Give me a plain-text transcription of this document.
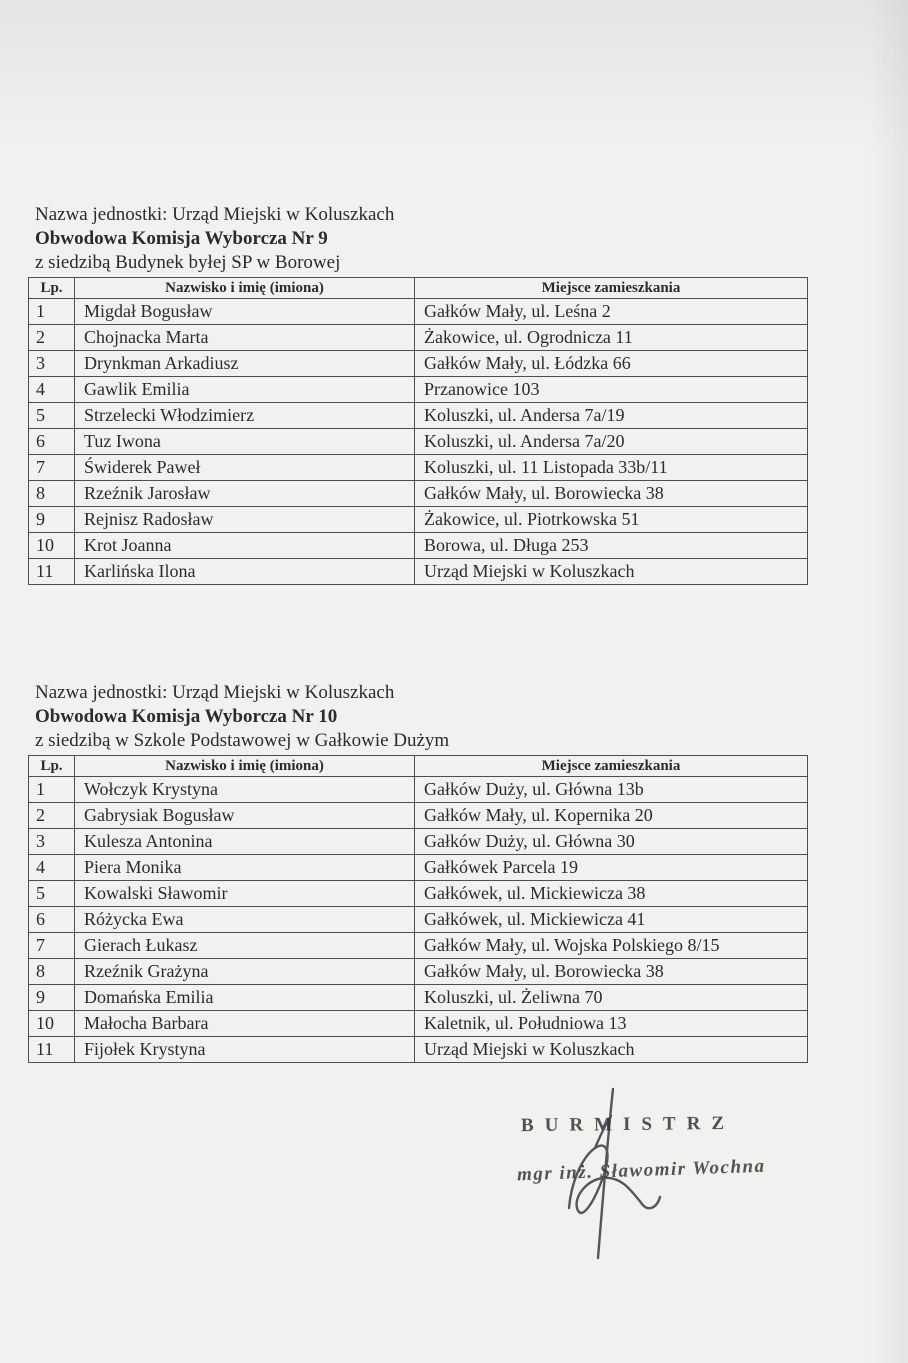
Nazwa jednostki: Urząd Miejski w Koluszkach
Obwodowa Komisja Wyborcza Nr 9
z siedzibą Budynek byłej SP w Borowej
Lp.	Nazwisko i imię (imiona)	Miejsce zamieszkania
1	Migdał Bogusław	Gałków Mały, ul. Leśna 2
2	Chojnacka Marta	Żakowice, ul. Ogrodnicza 11
3	Drynkman Arkadiusz	Gałków Mały, ul. Łódzka 66
4	Gawlik Emilia	Przanowice 103
5	Strzelecki Włodzimierz	Koluszki, ul. Andersa 7a/19
6	Tuz Iwona	Koluszki, ul. Andersa 7a/20
7	Świderek Paweł	Koluszki, ul. 11 Listopada 33b/11
8	Rzeźnik Jarosław	Gałków Mały, ul. Borowiecka 38
9	Rejnisz Radosław	Żakowice, ul. Piotrkowska 51
10	Krot Joanna	Borowa, ul. Długa 253
11	Karlińska Ilona	Urząd Miejski w Koluszkach
Nazwa jednostki: Urząd Miejski w Koluszkach
Obwodowa Komisja Wyborcza Nr 10
z siedzibą w Szkole Podstawowej w Gałkowie Dużym
Lp.	Nazwisko i imię (imiona)	Miejsce zamieszkania
1	Wołczyk Krystyna	Gałków Duży, ul. Główna 13b
2	Gabrysiak Bogusław	Gałków Mały, ul. Kopernika 20
3	Kulesza Antonina	Gałków Duży, ul. Główna 30
4	Piera Monika	Gałkówek Parcela 19
5	Kowalski Sławomir	Gałkówek, ul. Mickiewicza 38
6	Różycka Ewa	Gałkówek, ul. Mickiewicza 41
7	Gierach Łukasz	Gałków Mały, ul. Wojska Polskiego 8/15
8	Rzeźnik Grażyna	Gałków Mały, ul. Borowiecka 38
9	Domańska Emilia	Koluszki, ul. Żeliwna 70
10	Małocha Barbara	Kaletnik, ul. Południowa 13
11	Fijołek Krystyna	Urząd Miejski w Koluszkach
BURMISTRZ
mgr inż. Sławomir Wochna
